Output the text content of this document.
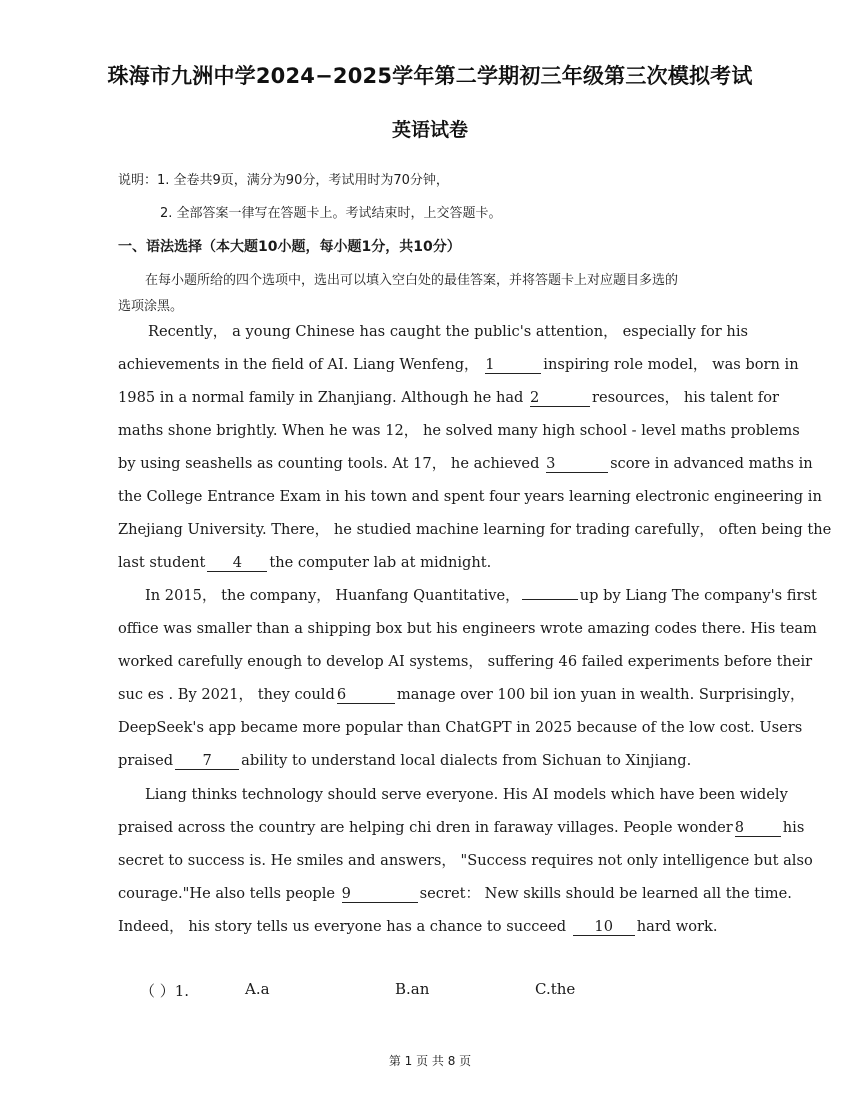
珠海市九洲中学2024−2025学年第二学期初三年级第三次模拟考试
英语试卷
说明：1. 全卷共9页，满分为90分，考试用时为70分钟，
2. 全部答案一律写在答题卡上。考试结束时，上交答题卡。
一、语法选择（本大题10小题，每小题1分，共10分）
在每小题所给的四个选项中，选出可以填入空白处的最佳答案，并将答题卡上对应题目多选的
选项涂黑。
Recently， a young Chinese has caught the public's attention， especially for his
achievements in the field of AI. Liang Wenfeng， 1	inspiring role model， was born in
1985 in a normal family in Zhanjiang. Although he had 2	resources， his talent for
maths shone brightly. When he was 12， he solved many high school - level maths problems
by using seashells as counting tools. At 17， he achieved 3	score in advanced maths in
the College Entrance Exam in his town and spent four years learning electronic engineering in
Zhejiang University. There， he studied machine learning for trading carefully， often being the
last student 4 the computer lab at midnight.
In 2015， the company， Huanfang Quantitative，	up by Liang The company's first
office was smaller than a shipping box but his engineers wrote amazing codes there. His team
worked carefully enough to develop AI systems， suffering 46 failed experiments before their
suc es . By 2021， they could 6	manage over 100 bil ion yuan in wealth. Surprisingly，
DeepSeek's app became more popular than ChatGPT in 2025 because of the low cost. Users
praised 7 ability to understand local dialects from Sichuan to Xinjiang.
Liang thinks technology should serve everyone. His AI models which have been widely
praised across the country are helping chi dren in faraway villages. People wonder 8	his
secret to success is. He smiles and answers， "Success requires not only intelligence but also
courage."He also tells people 9	secret： New skills should be learned all the time.
Indeed， his story tells us everyone has a chance to succeed 10 hard work.
（ ）1.	A.a	B.an	C.the
第 1 页 共 8 页
